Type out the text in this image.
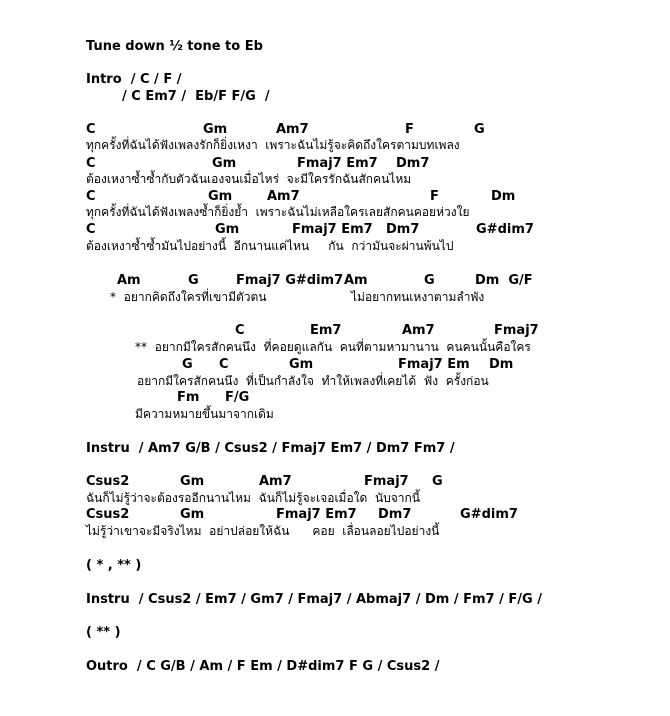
Tune down ½ tone to Eb
Intro  / C / F /
/ C Em7 /  Eb/F F/G  /
C	Gm	Am7	F	G
ทุกครั้งที่ฉันได้ฟังเพลงรักก็ยิ่งเหงา  เพราะฉันไม่รู้จะคิดถึงใครตามบทเพลง
C	Gm	Fmaj7 Em7 Dm7
ต้องเหงาซ้ำซ้ำกับตัวฉันเองจนเมื่อไหร่  จะมีใครรักฉันสักคนไหม
C	Gm	Am7	F	Dm
ทุกครั้งที่ฉันได้ฟังเพลงซ้ำก็ยิ่งย้ำ  เพราะฉันไม่เหลือใครเลยสักคนคอยห่วงใย
C	Gm	Fmaj7 Em7 Dm7	G#dim7
ต้องเหงาซ้ำซ้ำมันไปอย่างนี้  อีกนานแค่ไหน     กัน  กว่ามันจะผ่านพ้นไป
Am	G	Fmaj7 G#dim7 Am	G	Dm  G/F
*  อยากคิดถึงใครที่เขามีตัวตน	ไม่อยากทนเหงาตามลำพัง
C	Em7	Am7	Fmaj7
**  อยากมีใครสักคนนึง  ที่คอยดูแลกัน  คนที่ตามหามานาน  คนคนนั้นคือใคร
G C	Gm	Fmaj7 Em Dm
อยากมีใครสักคนนึง  ที่เป็นกำลังใจ  ทำให้เพลงที่เคยได้  ฟัง  ครั้งก่อน
Fm F/G
มีความหมายขึ้นมาจากเดิม
Instru  / Am7 G/B / Csus2 / Fmaj7 Em7 / Dm7 Fm7 /
Csus2	Gm	Am7	Fmaj7 G
ฉันก็ไม่รู้ว่าจะต้องรออีกนานไหม  ฉันก็ไม่รู้จะเจอเมื่อใด  นับจากนี้
Csus2	Gm	Fmaj7 Em7 Dm7	G#dim7
ไม่รู้ว่าเขาจะมีจริงไหม  อย่าปล่อยให้ฉัน      คอย  เลื่อนลอยไปอย่างนี้
( * , ** )
Instru  / Csus2 / Em7 / Gm7 / Fmaj7 / Abmaj7 / Dm / Fm7 / F/G /
( ** )
Outro  / C G/B / Am / F Em / D#dim7 F G / Csus2 /
